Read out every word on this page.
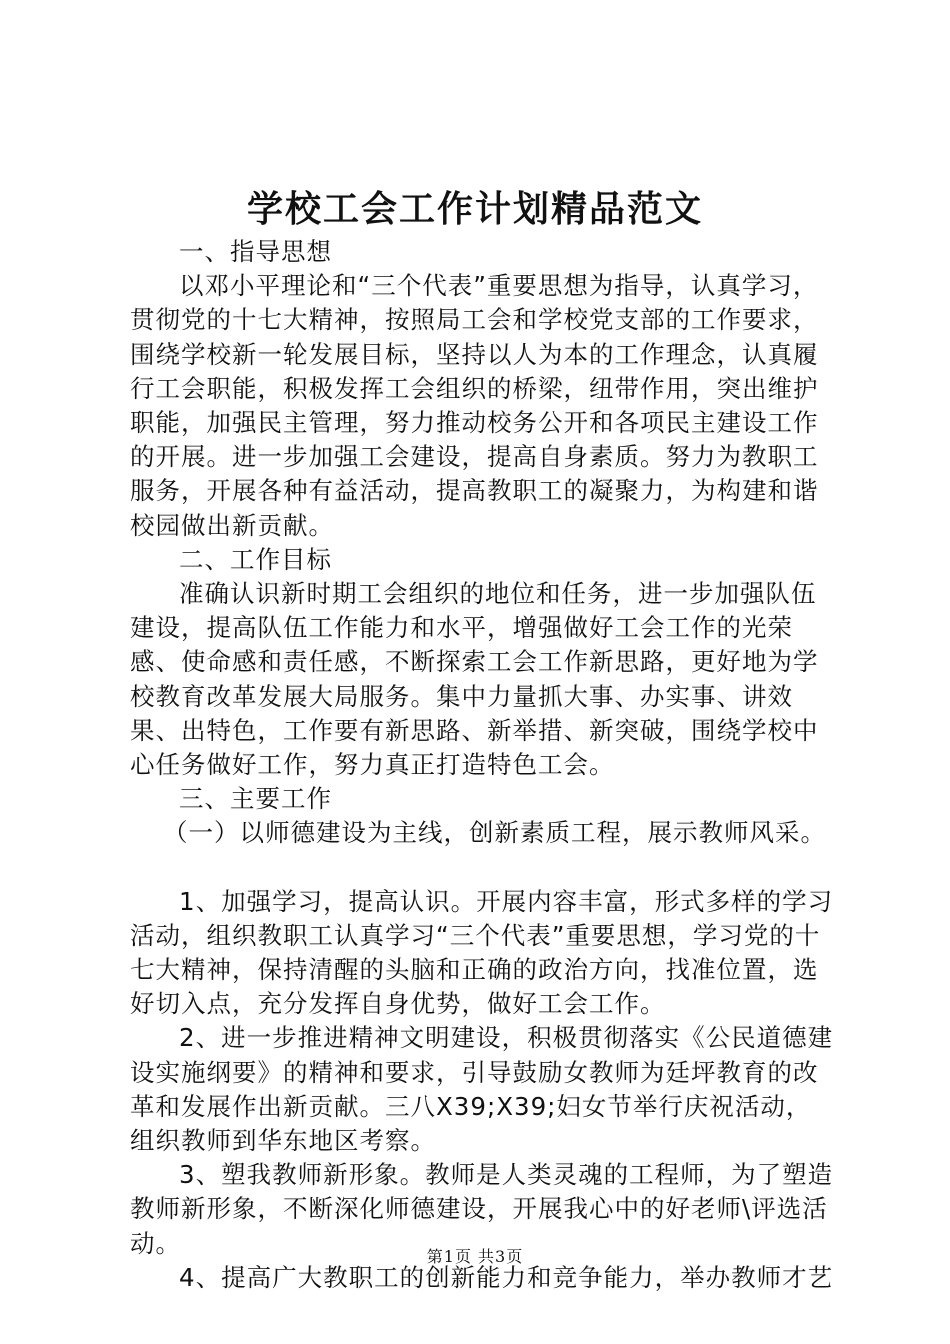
学校工会工作计划精品范文

一、指导思想

以邓小平理论和“三个代表”重要思想为指导，认真学习，贯彻党的十七大精神，按照局工会和学校党支部的工作要求，围绕学校新一轮发展目标，坚持以人为本的工作理念，认真履行工会职能，积极发挥工会组织的桥梁，纽带作用，突出维护职能，加强民主管理，努力推动校务公开和各项民主建设工作的开展。进一步加强工会建设，提高自身素质。努力为教职工服务，开展各种有益活动，提高教职工的凝聚力，为构建和谐校园做出新贡献。

二、工作目标

准确认识新时期工会组织的地位和任务，进一步加强队伍建设，提高队伍工作能力和水平，增强做好工会工作的光荣感、使命感和责任感，不断探索工会工作新思路，更好地为学校教育改革发展大局服务。集中力量抓大事、办实事、讲效果、出特色，工作要有新思路、新举措、新突破，围绕学校中心任务做好工作，努力真正打造特色工会。

三、主要工作

（一）以师德建设为主线，创新素质工程，展示教师风采。

1、加强学习，提高认识。开展内容丰富，形式多样的学习活动，组织教职工认真学习“三个代表”重要思想，学习党的十七大精神，保持清醒的头脑和正确的政治方向，找准位置，选好切入点，充分发挥自身优势，做好工会工作。

2、进一步推进精神文明建设，积极贯彻落实《公民道德建设实施纲要》的精神和要求，引导鼓励女教师为廷坪教育的改革和发展作出新贡献。三八X39;X39;妇女节举行庆祝活动，组织教师到华东地区考察。

3、塑我教师新形象。教师是人类灵魂的工程师，为了塑造教师新形象，不断深化师德建设，开展我心中的好老师\评选活动。

4、提高广大教职工的创新能力和竞争能力，举办教师才艺

第1页 共3页
